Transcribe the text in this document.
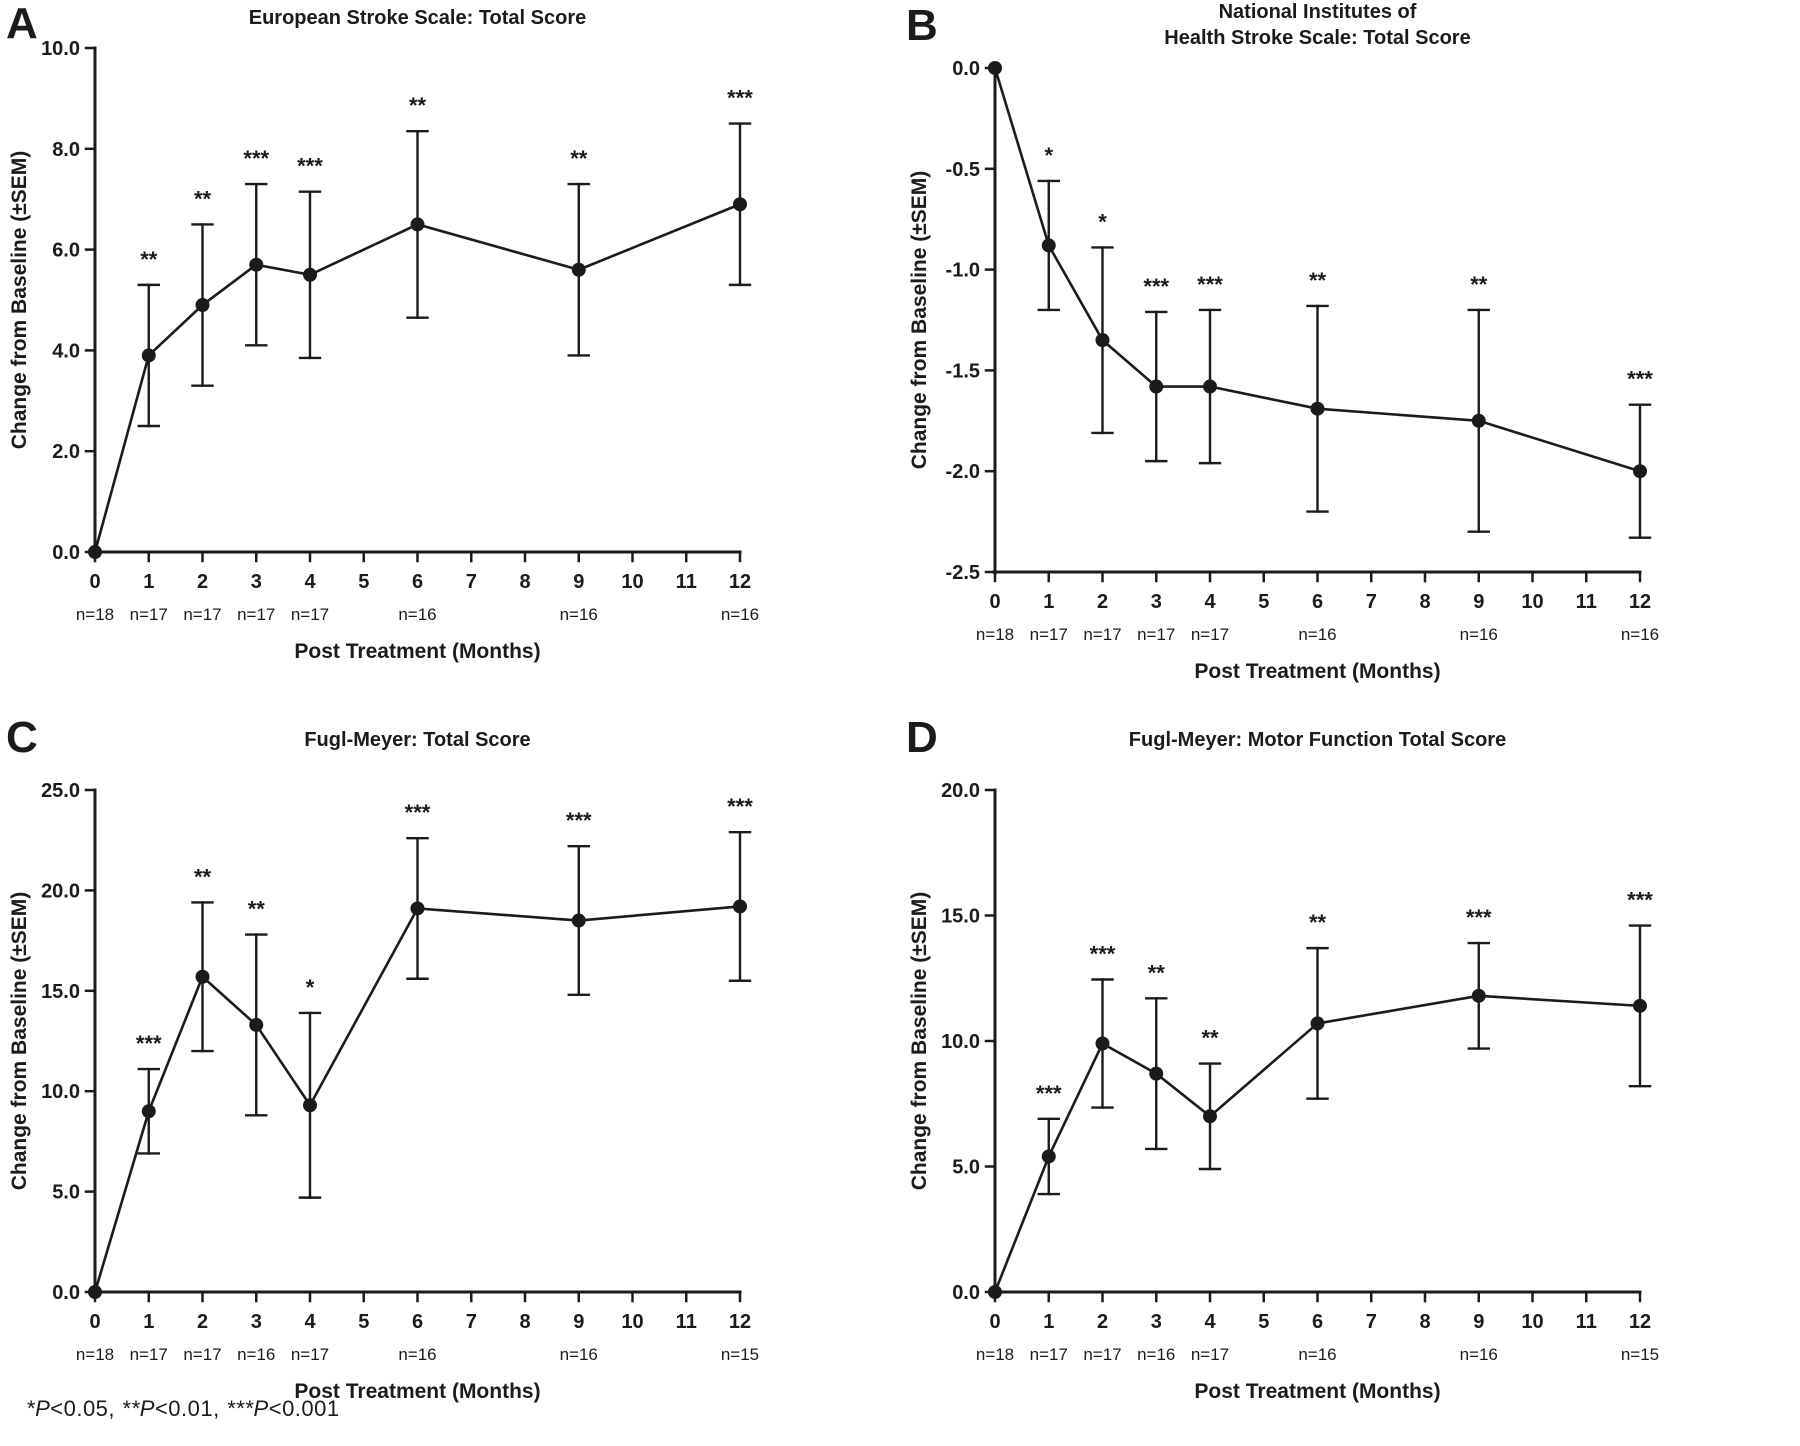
A	European Stroke Scale: Total Score
0.0
2.0
4.0
6.0
8.0
10.0
0 1 2 3 4 5 6 7 8 9 10 11 12
Change from Baseline (±SEM)
Post Treatment (Months)
n=18 n=17 n=17 n=17 n=17	n=16	n=16	n=16
**
**
*** ***
**
**
***
B	National Institutes of
Health Stroke Scale: Total Score
0.0
-0.5
-1.0
-1.5
-2.0
-2.5
0 1 2 3 4 5 6 7 8 9 10 11 12
Change from Baseline (±SEM)
Post Treatment (Months)
n=18 n=17 n=17 n=17 n=17	n=16	n=16	n=16
*
*
*** ***	**	**
***
C	Fugl-Meyer: Total Score
0.0
5.0
10.0
15.0
20.0
25.0
0 1 2 3 4 5 6 7 8 9 10 11 12
Change from Baseline (±SEM)
Post Treatment (Months)
n=18 n=17 n=17 n=16 n=17	n=16	n=16	n=15
***
**
**
*
***	***
***
D	Fugl-Meyer: Motor Function Total Score
0.0
5.0
10.0
15.0
20.0
0 1 2 3 4 5 6 7 8 9 10 11 12
Change from Baseline (±SEM)
Post Treatment (Months)
n=18 n=17 n=17 n=16 n=17	n=16	n=16	n=15
***
***
**
**
**	***
***
*P<0.05, **P<0.01, ***P<0.001
